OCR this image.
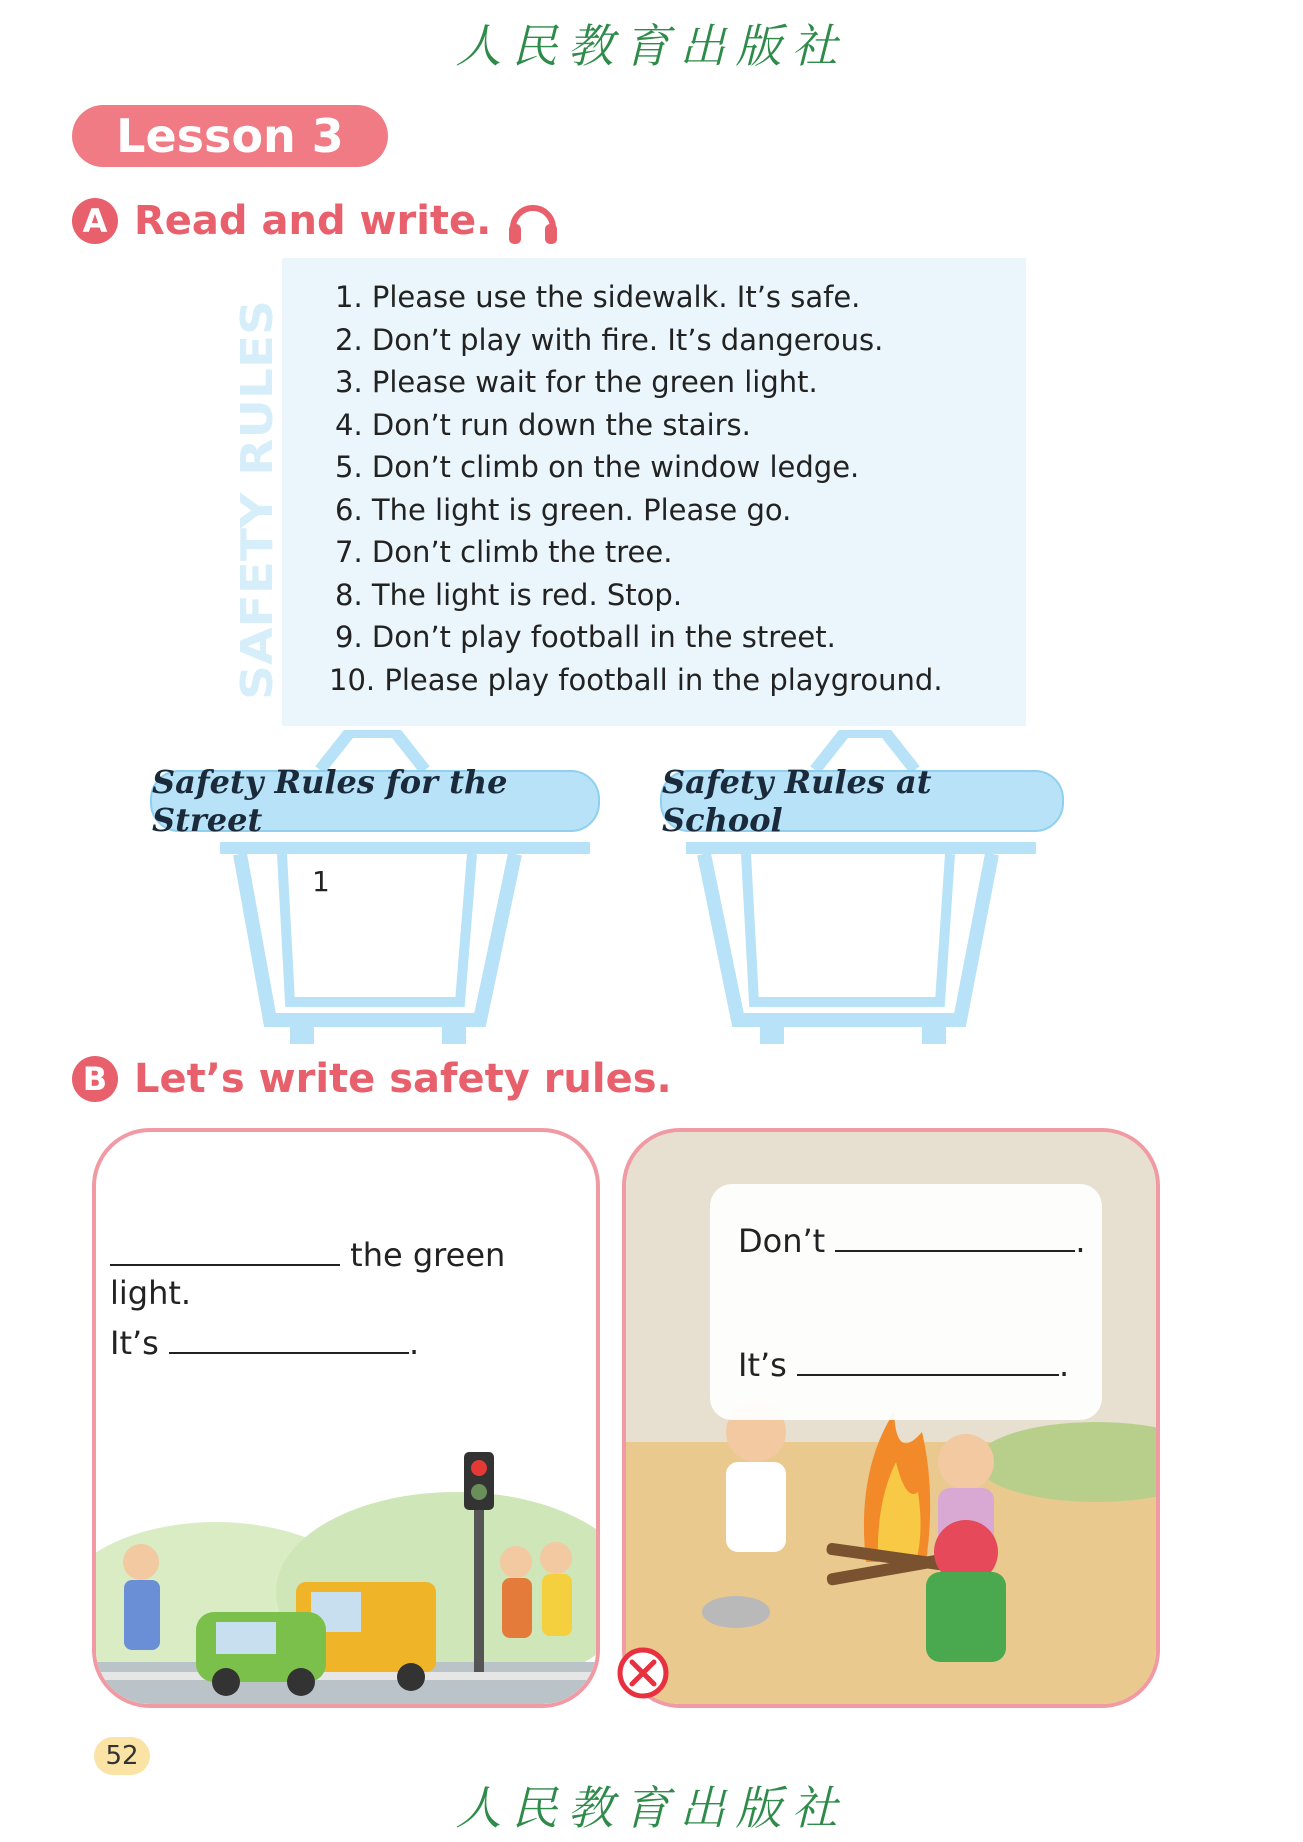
人民教育出版社
Lesson 3
A Read and write.
SAFETY RULES
1. Please use the sidewalk. It’s safe.
2. Don’t play with fire. It’s dangerous.
3. Please wait for the green light.
4. Don’t run down the stairs.
5. Don’t climb on the window ledge.
6. The light is green. Please go.
7. Don’t climb the tree.
8. The light is red. Stop.
9. Don’t play football in the street.
10. Please play football in the playground.
Safety Rules for the Street
1
Safety Rules at School
B Let’s write safety rules.
the green light.
It’s	.
Don’t	.
It’s	.
52
人民教育出版社
